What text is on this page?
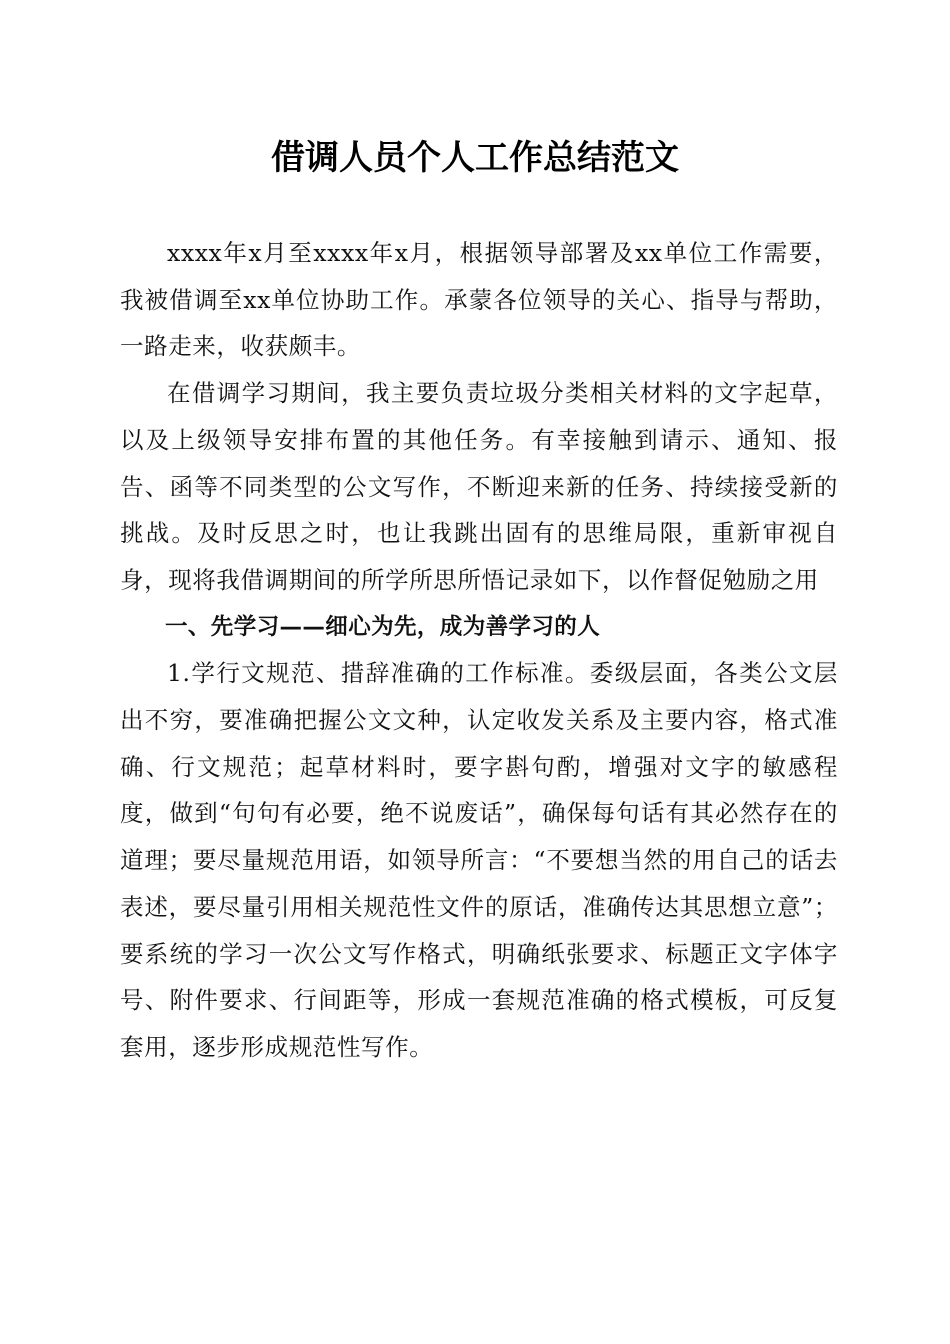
借调人员个人工作总结范文

xxxx年x月至xxxx年x月，根据领导部署及xx单位工作需要，我被借调至xx单位协助工作。承蒙各位领导的关心、指导与帮助，一路走来，收获颇丰。

在借调学习期间，我主要负责垃圾分类相关材料的文字起草，以及上级领导安排布置的其他任务。有幸接触到请示、通知、报告、函等不同类型的公文写作，不断迎来新的任务、持续接受新的挑战。及时反思之时，也让我跳出固有的思维局限，重新审视自身，现将我借调期间的所学所思所悟记录如下，以作督促勉励之用

一、先学习——细心为先，成为善学习的人

1.学行文规范、措辞准确的工作标准。委级层面，各类公文层出不穷，要准确把握公文文种，认定收发关系及主要内容，格式准确、行文规范；起草材料时，要字斟句酌，增强对文字的敏感程度，做到“句句有必要，绝不说废话”，确保每句话有其必然存在的道理；要尽量规范用语，如领导所言：“不要想当然的用自己的话去表述，要尽量引用相关规范性文件的原话，准确传达其思想立意”；要系统的学习一次公文写作格式，明确纸张要求、标题正文字体字号、附件要求、行间距等，形成一套规范准确的格式模板，可反复套用，逐步形成规范性写作。
